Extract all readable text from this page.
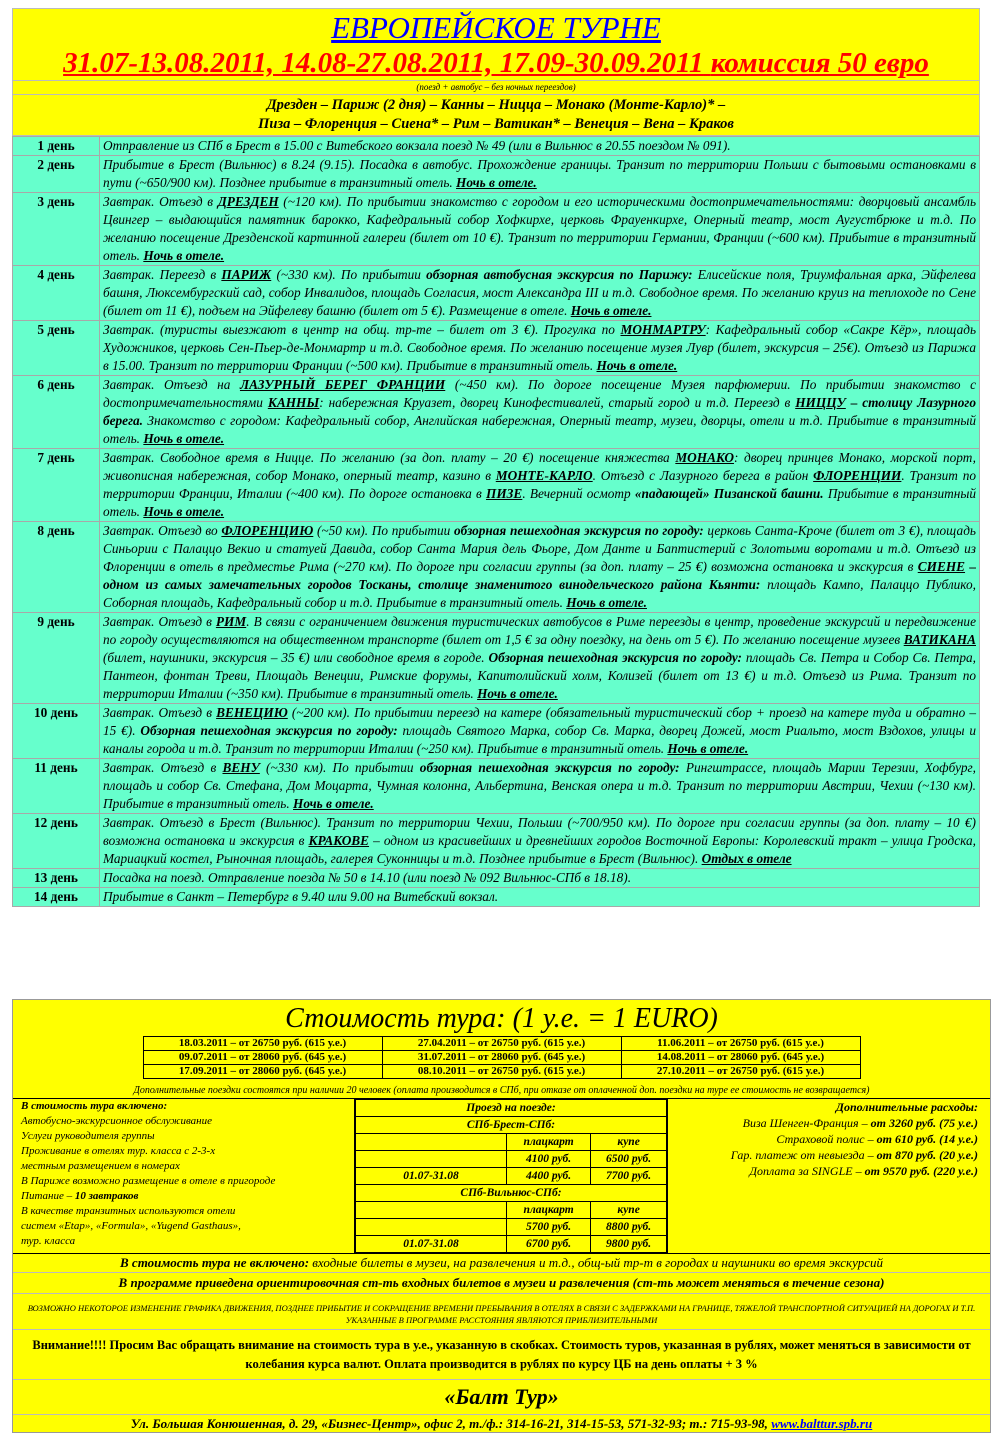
ЕВРОПЕЙСКОЕ ТУРНЕ
31.07-13.08.2011, 14.08-27.08.2011, 17.09-30.09.2011 комиссия 50 евро
(поезд + автобус – без ночных переездов)
Дрезден – Париж (2 дня) – Канны – Ницца – Монако (Монте-Карло)* –
Пиза – Флоренция – Сиена* – Рим – Ватикан* – Венеция – Вена – Краков
1 день	Отправление из СПб в Брест в 15.00 с Витебского вокзала поезд № 49 (или в Вильнюс в 20.55 поездом № 091).
2 день	Прибытие в Брест (Вильнюс) в 8.24 (9.15). Посадка в автобус. Прохождение границы. Транзит по территории Польши с бытовыми остановками в пути (~650/900 км). Позднее прибытие в транзитный отель. Ночь в отеле.
3 день	Завтрак. Отъезд в ДРЕЗДЕН (~120 км). По прибытии знакомство с городом и его историческими достопримечательностями: дворцовый ансамбль Цвингер – выдающийся памятник барокко, Кафедральный собор Хофкирхе, церковь Фрауенкирхе, Оперный театр, мост Аугустбрюке и т.д. По желанию посещение Дрезденской картинной галереи (билет от 10 €). Транзит по территории Германии, Франции (~600 км). Прибытие в транзитный отель. Ночь в отеле.
4 день	Завтрак. Переезд в ПАРИЖ (~330 км). По прибытии обзорная автобусная экскурсия по Парижу: Елисейские поля, Триумфальная арка, Эйфелева башня, Люксембургский сад, собор Инвалидов, площадь Согласия, мост Александра III и т.д. Свободное время. По желанию круиз на теплоходе по Сене (билет от 11 €), подъем на Эйфелеву башню (билет от 5 €). Размещение в отеле. Ночь в отеле.
5 день	Завтрак. (туристы выезжают в центр на общ. тр-те – билет от 3 €). Прогулка по МОНМАРТРУ: Кафедральный собор «Сакре Кёр», площадь Художников, церковь Сен-Пьер-де-Монмартр и т.д. Свободное время. По желанию посещение музея Лувр (билет, экскурсия – 25€). Отъезд из Парижа в 15.00. Транзит по территории Франции (~500 км). Прибытие в транзитный отель. Ночь в отеле.
6 день	Завтрак. Отъезд на ЛАЗУРНЫЙ БЕРЕГ ФРАНЦИИ (~450 км). По дороге посещение Музея парфюмерии. По прибытии знакомство с достопримечательностями КАННЫ: набережная Круазет, дворец Кинофестивалей, старый город и т.д. Переезд в НИЦЦУ – столицу Лазурного берега. Знакомство с городом: Кафедральный собор, Английская набережная, Оперный театр, музеи, дворцы, отели и т.д. Прибытие в транзитный отель. Ночь в отеле.
7 день	Завтрак. Свободное время в Ницце. По желанию (за доп. плату – 20 €) посещение княжества МОНАКО: дворец принцев Монако, морской порт, живописная набережная, собор Монако, оперный театр, казино в МОНТЕ-КАРЛО. Отъезд с Лазурного берега в район ФЛОРЕНЦИИ. Транзит по территории Франции, Италии (~400 км). По дороге остановка в ПИЗЕ. Вечерний осмотр «падающей» Пизанской башни. Прибытие в транзитный отель. Ночь в отеле.
8 день	Завтрак. Отъезд во ФЛОРЕНЦИЮ (~50 км). По прибытии обзорная пешеходная экскурсия по городу: церковь Санта-Кроче (билет от 3 €), площадь Синьории с Палаццо Векио и статуей Давида, собор Санта Мария дель Фьоре, Дом Данте и Баптистерий с Золотыми воротами и т.д. Отъезд из Флоренции в отель в предместье Рима (~270 км). По дороге при согласии группы (за доп. плату – 25 €) возможна остановка и экскурсия в СИЕНЕ – одном из самых замечательных городов Тосканы, столице знаменитого винодельческого района Кьянти: площадь Кампо, Палаццо Публико, Соборная площадь, Кафедральный собор и т.д. Прибытие в транзитный отель. Ночь в отеле.
9 день	Завтрак. Отъезд в РИМ. В связи с ограничением движения туристических автобусов в Риме переезды в центр, проведение экскурсий и передвижение по городу осуществляются на общественном транспорте (билет от 1,5 € за одну поездку, на день от 5 €). По желанию посещение музеев ВАТИКАНА (билет, наушники, экскурсия – 35 €) или свободное время в городе. Обзорная пешеходная экскурсия по городу: площадь Св. Петра и Собор Св. Петра, Пантеон, фонтан Треви, Площадь Венеции, Римские форумы, Капитолийский холм, Колизей (билет от 13 €) и т.д. Отъезд из Рима. Транзит по территории Италии (~350 км). Прибытие в транзитный отель. Ночь в отеле.
10 день	Завтрак. Отъезд в ВЕНЕЦИЮ (~200 км). По прибытии переезд на катере (обязательный туристический сбор + проезд на катере туда и обратно – 15 €). Обзорная пешеходная экскурсия по городу: площадь Святого Марка, собор Св. Марка, дворец Дожей, мост Риальто, мост Вздохов, улицы и каналы города и т.д. Транзит по территории Италии (~250 км). Прибытие в транзитный отель. Ночь в отеле.
11 день	Завтрак. Отъезд в ВЕНУ (~330 км). По прибытии обзорная пешеходная экскурсия по городу: Рингштрассе, площадь Марии Терезии, Хофбург, площадь и собор Св. Стефана, Дом Моцарта, Чумная колонна, Альбертина, Венская опера и т.д. Транзит по территории Австрии, Чехии (~130 км). Прибытие в транзитный отель. Ночь в отеле.
12 день	Завтрак. Отъезд в Брест (Вильнюс). Транзит по территории Чехии, Польши (~700/950 км). По дороге при согласии группы (за доп. плату – 10 €) возможна остановка и экскурсия в КРАКОВЕ – одном из красивейших и древнейших городов Восточной Европы: Королевский тракт – улица Гродска, Мариацкий костел, Рыночная площадь, галерея Суконницы и т.д. Позднее прибытие в Брест (Вильнюс). Отдых в отеле
13 день	Посадка на поезд. Отправление поезда № 50 в 14.10 (или поезд № 092 Вильнюс-СПб в 18.18).
14 день	Прибытие в Санкт – Петербург в 9.40 или 9.00 на Витебский вокзал.
Стоимость тура: (1 у.е. = 1 EURO)
18.03.2011 – от 26750 руб. (615 у.е.)	27.04.2011 – от 26750 руб. (615 у.е.)	11.06.2011 – от 26750 руб. (615 у.е.)
09.07.2011 – от 28060 руб. (645 у.е.)	31.07.2011 – от 28060 руб. (645 у.е.)	14.08.2011 – от 28060 руб. (645 у.е.)
17.09.2011 – от 28060 руб. (645 у.е.)	08.10.2011 – от 26750 руб. (615 у.е.)	27.10.2011 – от 26750 руб. (615 у.е.)
Дополнительные поездки состоятся при наличии 20 человек (оплата производится в СПб, при отказе от оплаченной доп. поездки на туре ее стоимость не возвращается)
В стоимость тура включено:
Автобусно-экскурсионное обслуживание
Услуги руководителя группы
Проживание в отелях тур. класса с 2-3-х
местным размещением в номерах
В Париже возможно размещение в отеле в пригороде
Питание – 10 завтраков
В качестве транзитных используются отели
систем «Etap», «Formula», «Yugend Gasthaus»,
тур. класса
Проезд на поезде:		
СПб-Брест-СПб:		
	плацкарт	купе
	4100 руб.	6500 руб.
01.07-31.08	4400 руб.	7700 руб.
СПб-Вильнюс-СПб:		
	плацкарт	купе
	5700 руб.	8800 руб.
01.07-31.08	6700 руб.	9800 руб.
Дополнительные расходы:
Виза Шенген-Франция – от 3260 руб. (75 у.е.)
Страховой полис – от 610 руб. (14 у.е.)
Гар. платеж от невыезда – от 870 руб. (20 у.е.)
Доплата за SINGLE – от 9570 руб. (220 у.е.)
В стоимость тура не включено: входные билеты в музеи, на развлечения и т.д., общ-ый тр-т в городах и наушники во время экскурсий
В программе приведена ориентировочная ст-ть входных билетов в музеи и развлечения (ст-ть может меняться в течение сезона)
ВОЗМОЖНО НЕКОТОРОЕ ИЗМЕНЕНИЕ ГРАФИКА ДВИЖЕНИЯ, ПОЗДНЕЕ ПРИБЫТИЕ И СОКРАЩЕНИЕ ВРЕМЕНИ ПРЕБЫВАНИЯ В ОТЕЛЯХ В СВЯЗИ С ЗАДЕРЖКАМИ НА ГРАНИЦЕ, ТЯЖЕЛОЙ ТРАНСПОРТНОЙ СИТУАЦИЕЙ НА ДОРОГАХ И Т.П. УКАЗАННЫЕ В ПРОГРАММЕ РАССТОЯНИЯ ЯВЛЯЮТСЯ ПРИБЛИЗИТЕЛЬНЫМИ
Внимание!!!! Просим Вас обращать внимание на стоимость тура в у.е., указанную в скобках. Стоимость туров, указанная в рублях, может меняться в зависимости от колебания курса валют. Оплата производится в рублях по курсу ЦБ на день оплаты + 3 %
«Балт Тур»
Ул. Большая Конюшенная, д. 29, «Бизнес-Центр», офис 2, т./ф.: 314-16-21, 314-15-53, 571-32-93; т.: 715-93-98, www.balttur.spb.ru
